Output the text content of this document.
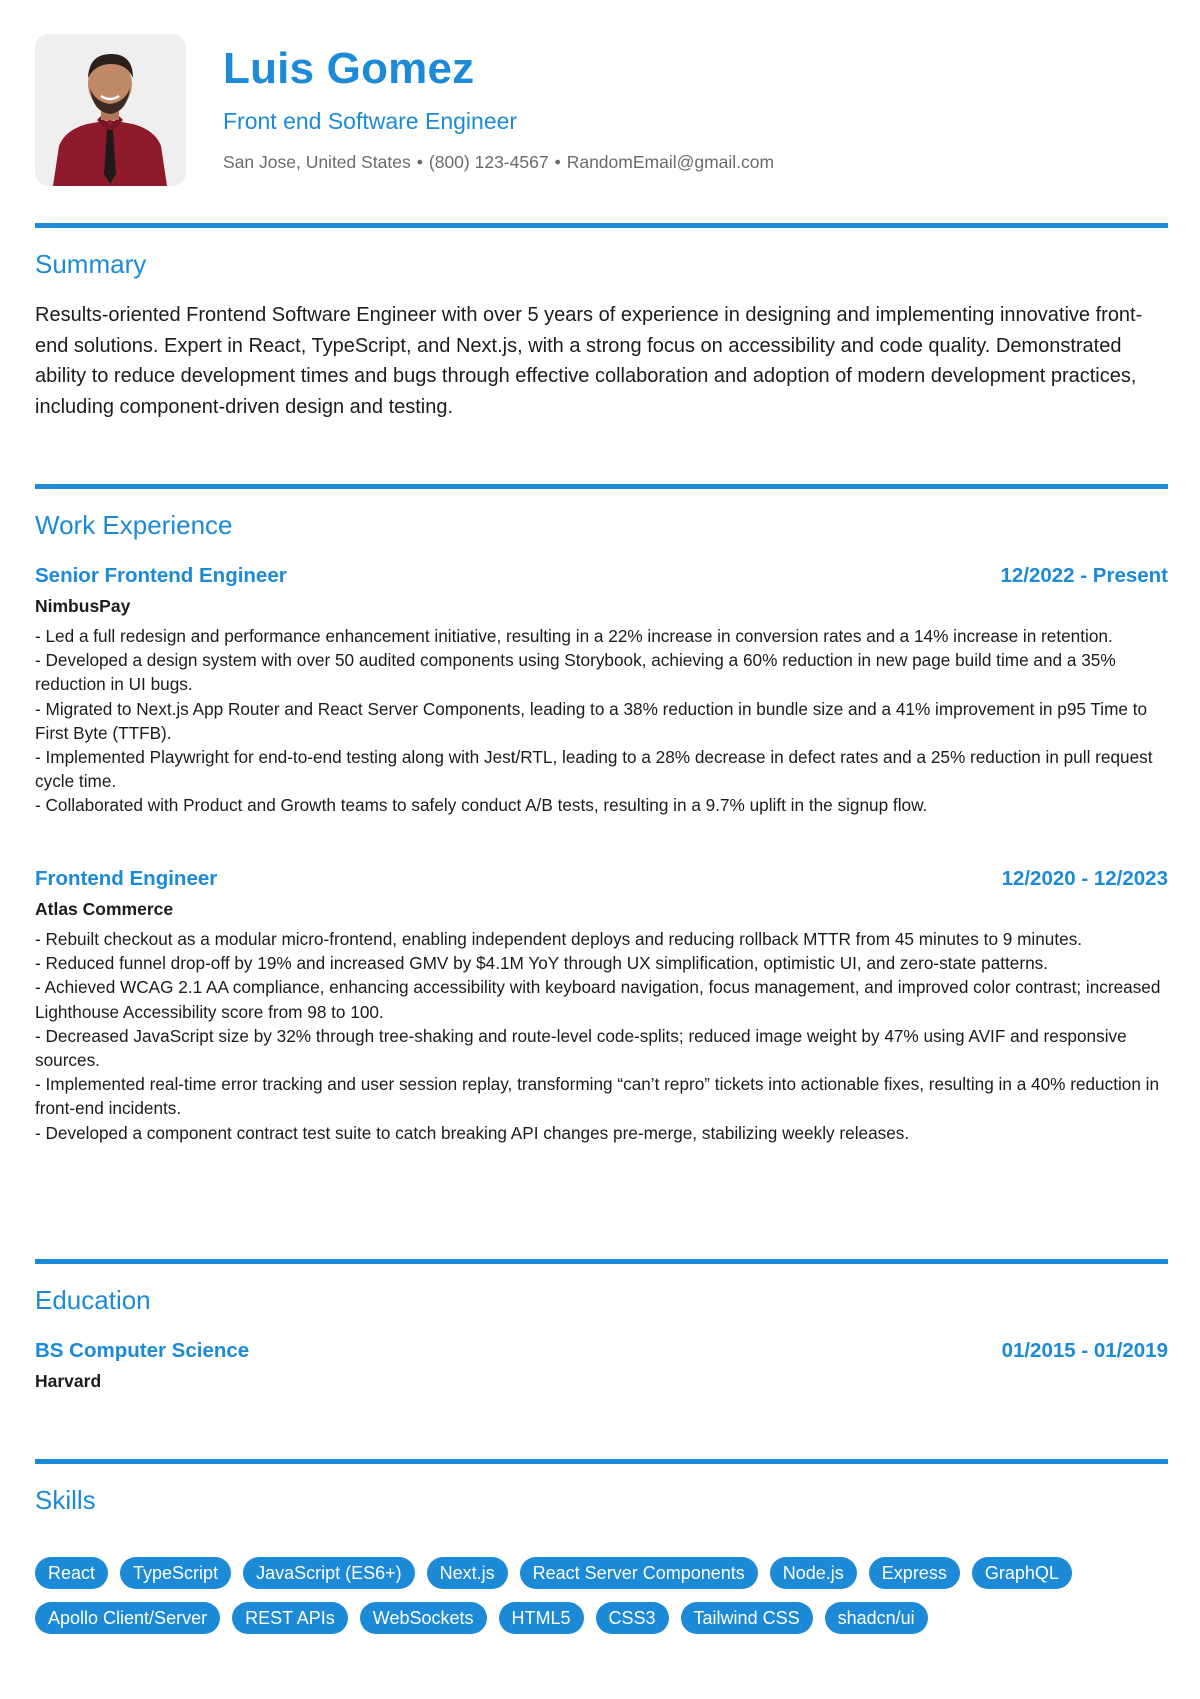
Luis Gomez
Front end Software Engineer
San Jose, United States • (800) 123-4567 • RandomEmail@gmail.com
Summary
Results-oriented Frontend Software Engineer with over 5 years of experience in designing and implementing innovative front-end solutions. Expert in React, TypeScript, and Next.js, with a strong focus on accessibility and code quality. Demonstrated ability to reduce development times and bugs through effective collaboration and adoption of modern development practices, including component-driven design and testing.
Work Experience
Senior Frontend Engineer	12/2022 - Present
NimbusPay
- Led a full redesign and performance enhancement initiative, resulting in a 22% increase in conversion rates and a 14% increase in retention.
- Developed a design system with over 50 audited components using Storybook, achieving a 60% reduction in new page build time and a 35% reduction in UI bugs.
- Migrated to Next.js App Router and React Server Components, leading to a 38% reduction in bundle size and a 41% improvement in p95 Time to First Byte (TTFB).
- Implemented Playwright for end-to-end testing along with Jest/RTL, leading to a 28% decrease in defect rates and a 25% reduction in pull request cycle time.
- Collaborated with Product and Growth teams to safely conduct A/B tests, resulting in a 9.7% uplift in the signup flow.
Frontend Engineer	12/2020 - 12/2023
Atlas Commerce
- Rebuilt checkout as a modular micro-frontend, enabling independent deploys and reducing rollback MTTR from 45 minutes to 9 minutes.
- Reduced funnel drop-off by 19% and increased GMV by $4.1M YoY through UX simplification, optimistic UI, and zero-state patterns.
- Achieved WCAG 2.1 AA compliance, enhancing accessibility with keyboard navigation, focus management, and improved color contrast; increased Lighthouse Accessibility score from 98 to 100.
- Decreased JavaScript size by 32% through tree-shaking and route-level code-splits; reduced image weight by 47% using AVIF and responsive sources.
- Implemented real-time error tracking and user session replay, transforming “can’t repro” tickets into actionable fixes, resulting in a 40% reduction in front-end incidents.
- Developed a component contract test suite to catch breaking API changes pre-merge, stabilizing weekly releases.
Education
BS Computer Science	01/2015 - 01/2019
Harvard
Skills
React	TypeScript	JavaScript (ES6+)	Next.js	React Server Components	Node.js	Express	GraphQL
Apollo Client/Server	REST APIs	WebSockets	HTML5	CSS3	Tailwind CSS	shadcn/ui
